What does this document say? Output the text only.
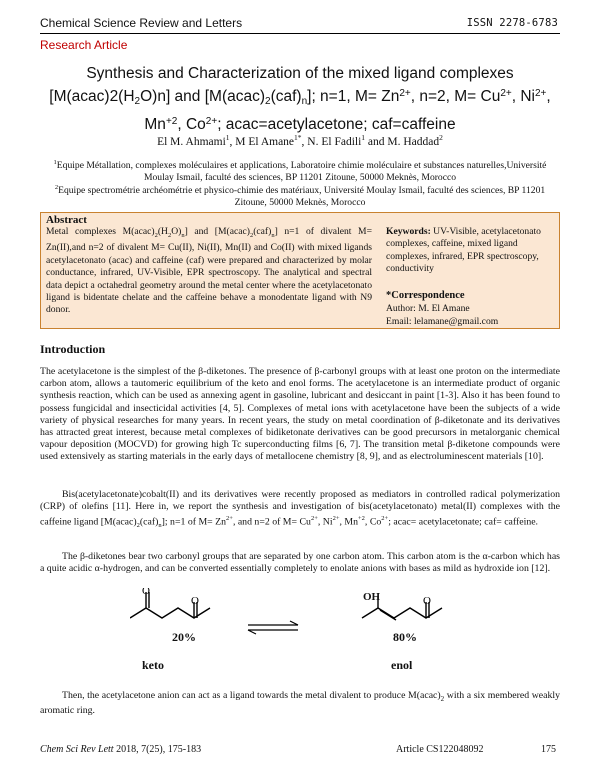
Chemical Science Review and Letters	ISSN 2278-6783
Research Article
Synthesis and Characterization of the mixed ligand complexes
$[M(acac)2(H_2O)n]$ and $[M(acac)_2(caf)_n]$; n=1, $M= Zn^{2+}$, n=2, $M= Cu^{2+}$, $Ni^{2+}$,
$Mn^{+2}$, $Co^{2+}$; acac=acetylacetone; caf=caffeine
El M. Ahmami$^1$, M El Amane$^{1*}$, N. El Fadili$^1$ and M. Haddad$^2$
$^1$Equipe Métallation, complexes moléculaires et applications, Laboratoire chimie moléculaire et substances naturelles,Université Moulay Ismail, faculté des sciences, BP 11201 Zitoune, 50000 Meknès, Morocco
$^2$Equipe spectrométrie archéométrie et physico-chimie des matériaux, Université Moulay Ismail, faculté des sciences, BP 11201 Zitoune, 50000 Meknès, Morocco
Abstract
Metal complexes $M(acac)_2(H_2O)_n$] and $[M(acac)_2(caf)_n]$ n=1 of divalent M= Zn(II),and n=2 of divalent M= Cu(II), Ni(II), Mn(II) and Co(II) with mixed ligands acetylacetonato (acac) and caffeine (caf) were prepared and characterized by molar conductance, infrared, UV-Visible, EPR spectroscopy. The analytical and spectral data depict a octahedral geometry around the metal center where the acetylacetonato ligand is bidentate chelate and the caffeine behave a monodentate ligand with N9 donor.
Keywords: UV-Visible, acetylacetonato complexes, caffeine, mixed ligand complexes, infrared, EPR spectroscopy, conductivity
*Correspondence
Author: M. El Amane
Email: lelamane@gmail.com
Introduction
The acetylacetone is the simplest of the β-diketones. The presence of β-carbonyl groups with at least one proton on the intermediate carbon atom, allows a tautomeric equilibrium of the keto and enol forms. The acetylacetone is an intermediate product of organic synthesis reaction, which can be used as annexing agent in gasoline, lubricant and desiccant in paint [1-3]. Also it has been found to possess fungicidal and insecticidal activities [4, 5]. Complexes of metal ions with acetylacetone have been the subjects of a wide variety of physical researches for many years. In recent years, the study on metal coordination of β-diketonate and its derivatives has attracted great interest, because metal complexes of bidiketonate derivatives can be good precursors in metalorganic chemical vapour deposition (MOCVD) for growing high Tc superconducting films [6, 7]. The transition metal β-diketone compounds were used extensively as starting materials in the early days of metallocene chemistry [8, 9], and as electroluminescent materials [10].
Bis(acetylacetonate)cobalt(II) and its derivatives were recently proposed as mediators in controlled radical polymerization (CRP) of olefins [11]. Here in, we report the synthesis and investigation of bis(acetylacetonato) metal(II) complexes with the caffeine ligand $[M(acac)_2(caf)_n]$; n=1 of $M= Zn^{2+}$, and n=2 of $M= Cu^{2+}$, $Ni^{2+}$, $Mn^{+2}$, $Co^{2+}$; acac= acetylacetonate; caf= caffeine.
The β-diketones bear two carbonyl groups that are separated by one carbon atom. This carbon atom is the α-carbon which has a quite acidic α-hydrogen, and can be converted essentially completely to enolate anions with bases as mild as hydroxide ion [12].
O
O	O
OH
20%	80%
keto	enol
Then, the acetylacetone anion can act as a ligand towards the metal divalent to produce $M(acac)_2$ with a six membered weakly aromatic ring.
Chem Sci Rev Lett 2018, 7(25), 175-183	Article CS122048092	175
